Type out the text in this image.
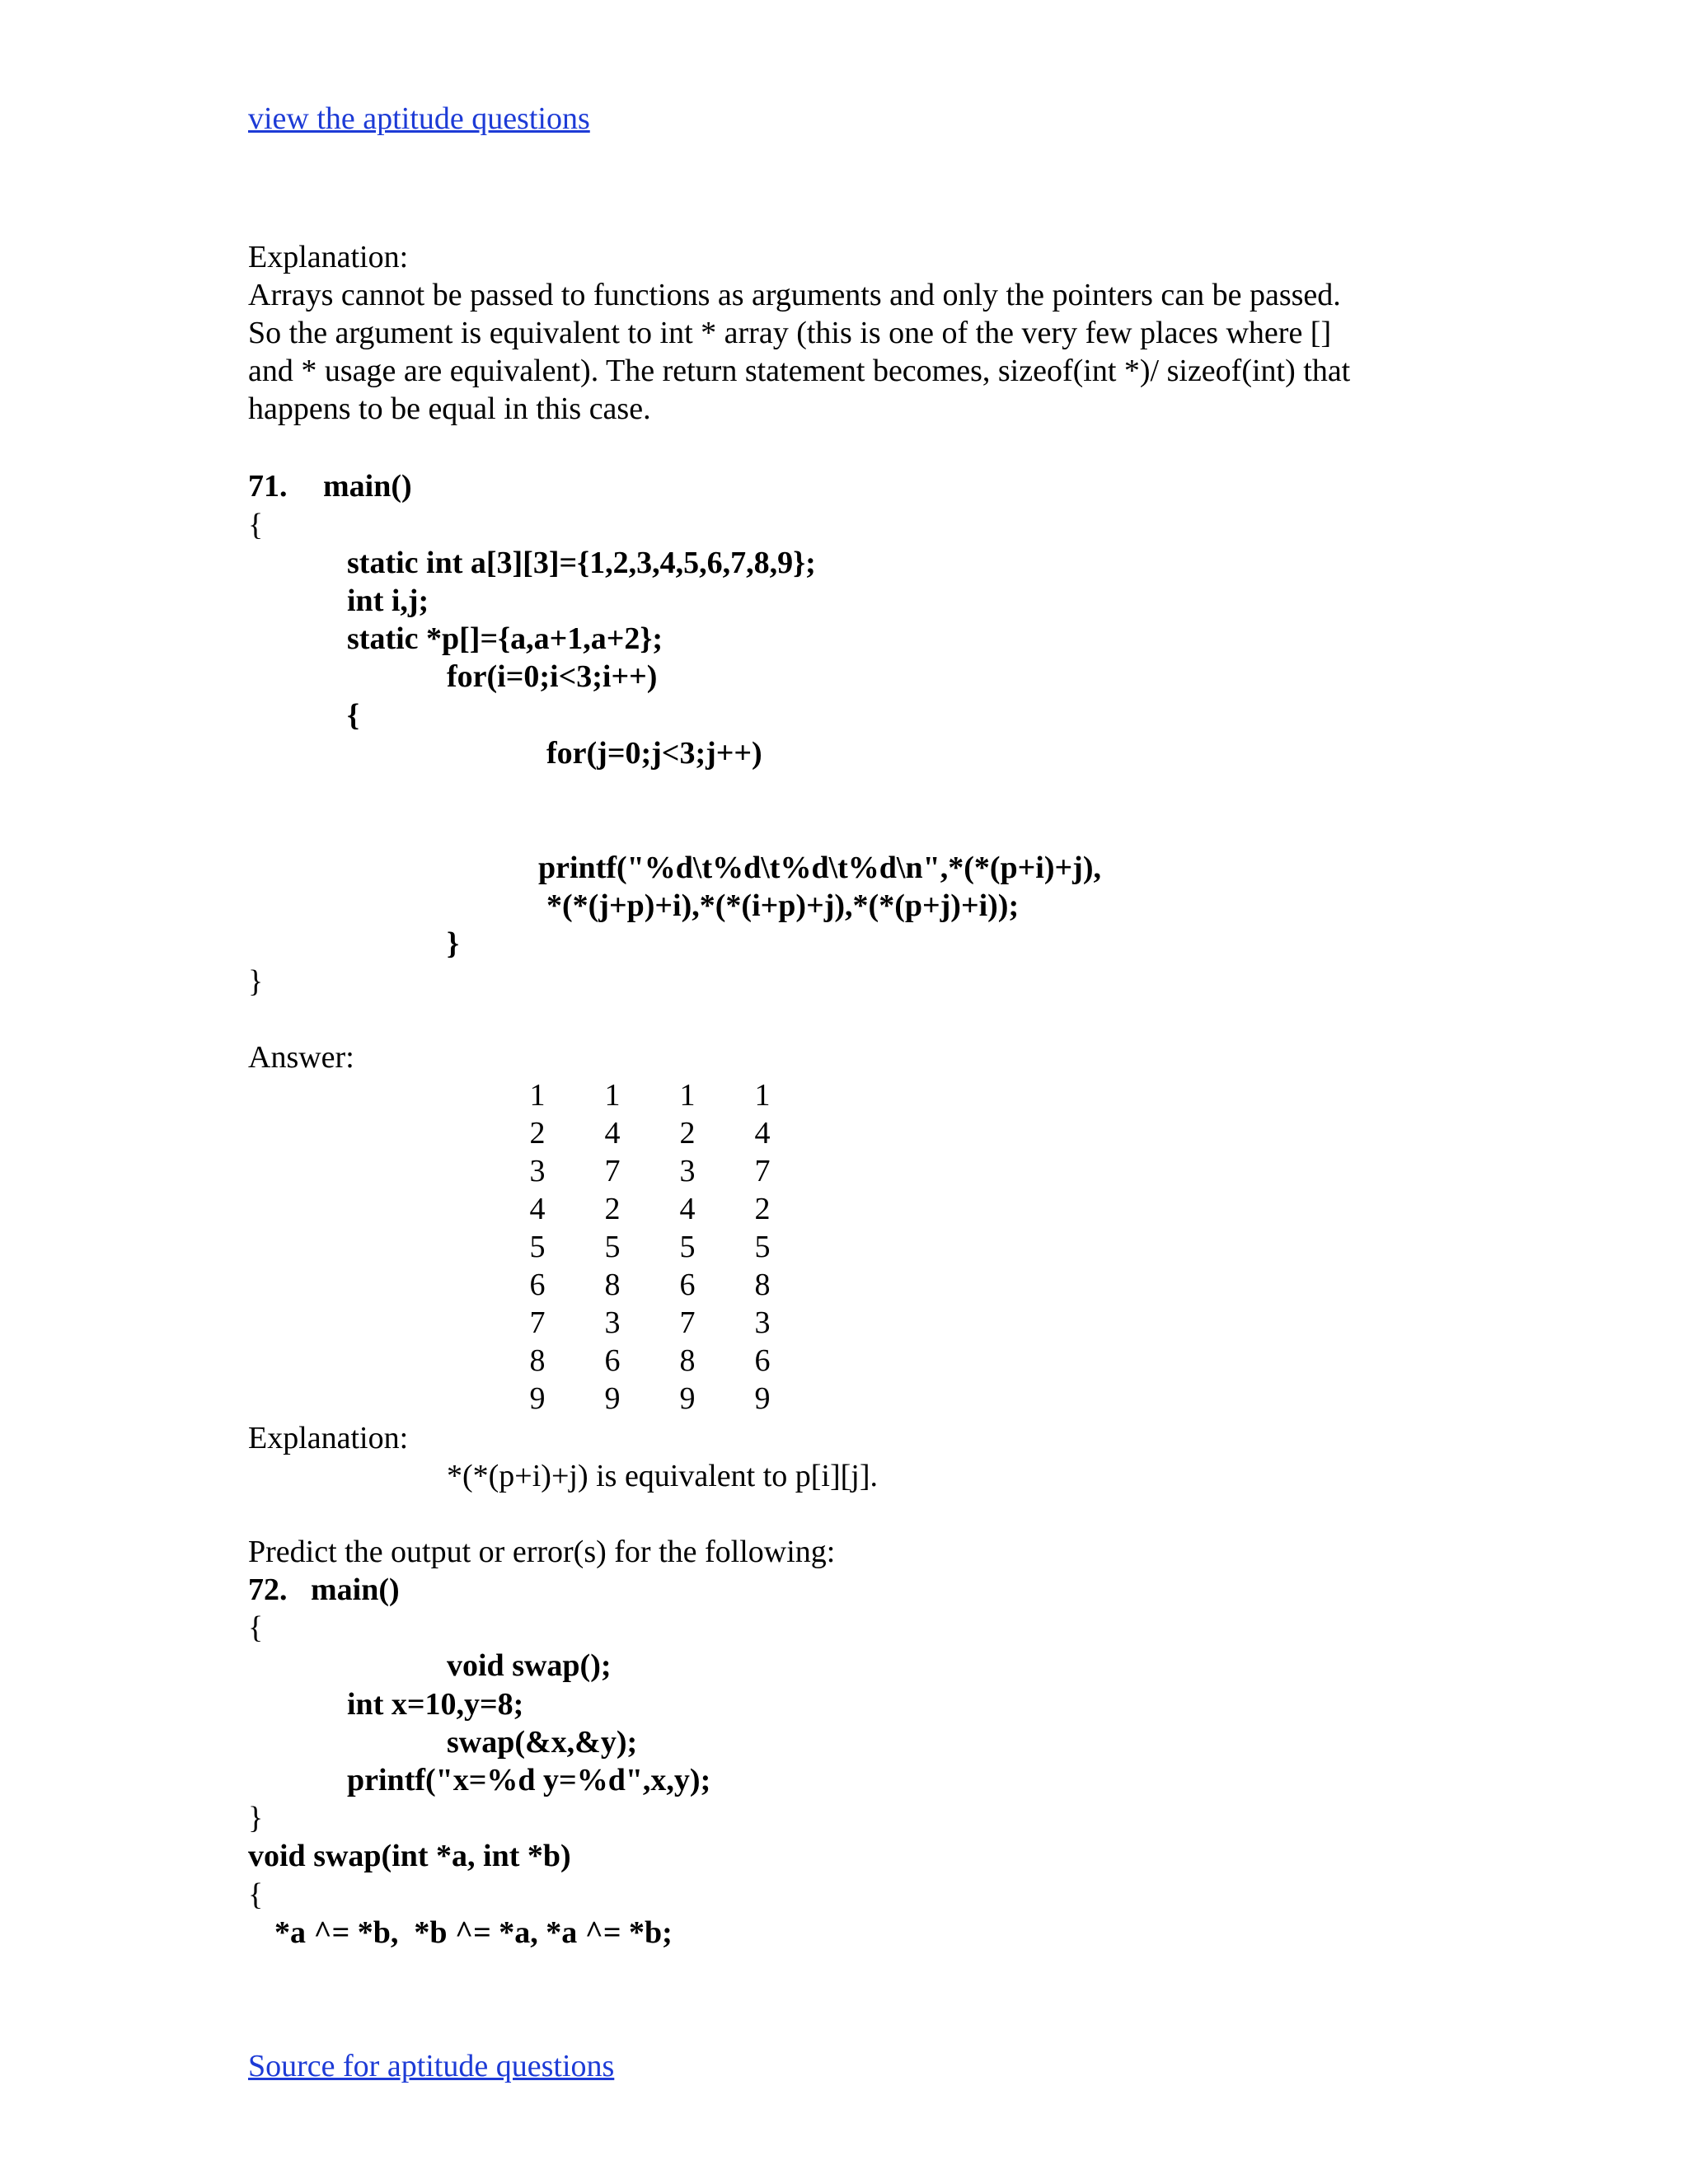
view the aptitude questions
Explanation:
Arrays cannot be passed to functions as arguments and only the pointers can be passed.
So the argument is equivalent to int * array (this is one of the very few places where []
and * usage are equivalent). The return statement becomes, sizeof(int *)/ sizeof(int) that
happens to be equal in this case.
71. main()
{
static int a[3][3]={1,2,3,4,5,6,7,8,9};
int i,j;
static *p[]={a,a+1,a+2};
for(i=0;i<3;i++)
{
for(j=0;j<3;j++)
printf("%d\t%d\t%d\t%d\n",*(*(p+i)+j),
*(*(j+p)+i),*(*(i+p)+j),*(*(p+j)+i));
}
}
Answer:
1 1 1 1
2 4 2 4
3 7 3 7
4 2 4 2
5 5 5 5
6 8 6 8
7 3 7 3
8 6 8 6
9 9 9 9
Explanation:
*(*(p+i)+j) is equivalent to p[i][j].
Predict the output or error(s) for the following:
72.   main()
{
void swap();
int x=10,y=8;
swap(&x,&y);
printf("x=%d y=%d",x,y);
}
void swap(int *a, int *b)
{
*a ^= *b,  *b ^= *a, *a ^= *b;
Source for aptitude questions
